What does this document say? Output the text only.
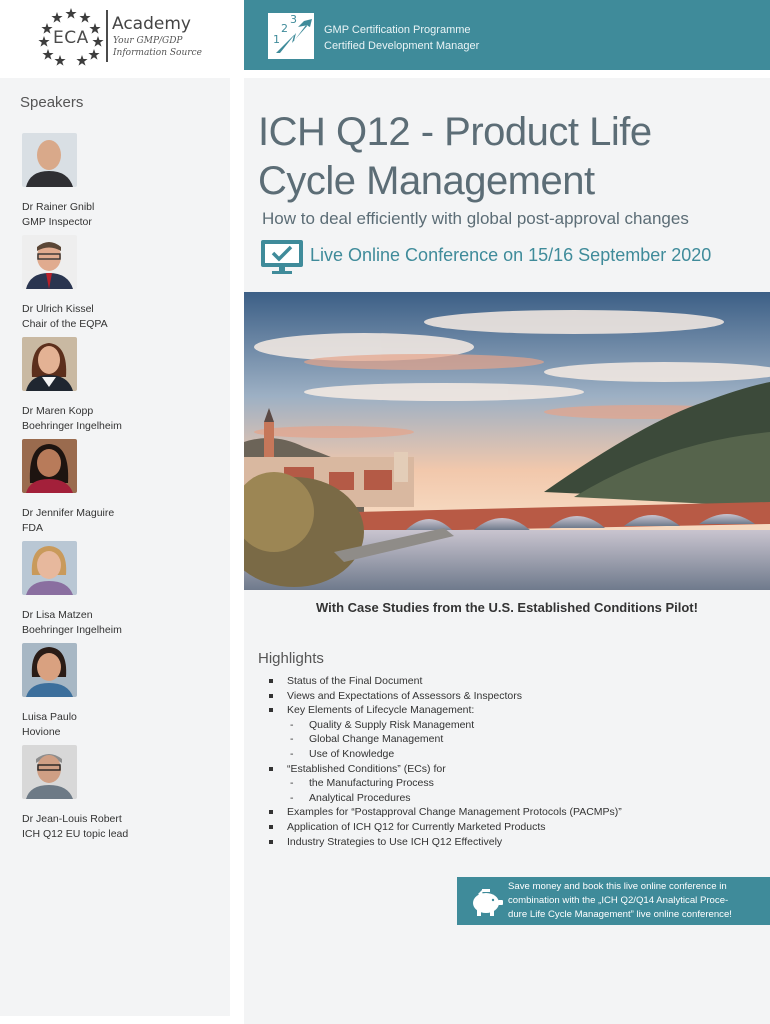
ECA
Academy
Your GMP/GDP
Information Source
1
2
3
GMP Certification Programme
Certified Development Manager
Speakers
Dr Rainer Gnibl
GMP Inspector
Dr Ulrich Kissel
Chair of the EQPA
Dr Maren Kopp
Boehringer Ingelheim
Dr Jennifer Maguire
FDA
Dr Lisa Matzen
Boehringer Ingelheim
Luisa Paulo
Hovione
Dr Jean-Louis Robert
ICH Q12 EU topic lead
ICH Q12 - Product Life
Cycle Management
How to deal efficiently with global post-approval changes
Live Online Conference on 15/16 September 2020
With Case Studies from the U.S. Established Conditions Pilot!
Highlights
Status of the Final Document
Views and Expectations of Assessors & Inspectors
Key Elements of Lifecycle Management:
- Quality & Supply Risk Management
- Global Change Management
- Use of Knowledge
“Established Conditions” (ECs) for
- the Manufacturing Process
- Analytical Procedures
Examples for “Postapproval Change Management Protocols (PACMPs)”
Application of ICH Q12 for Currently Marketed Products
Industry Strategies to Use ICH Q12 Effectively
Save money and book this live online conference in
combination with the „ICH Q2/Q14 Analytical Proce-
dure Life Cycle Management” live online conference!
